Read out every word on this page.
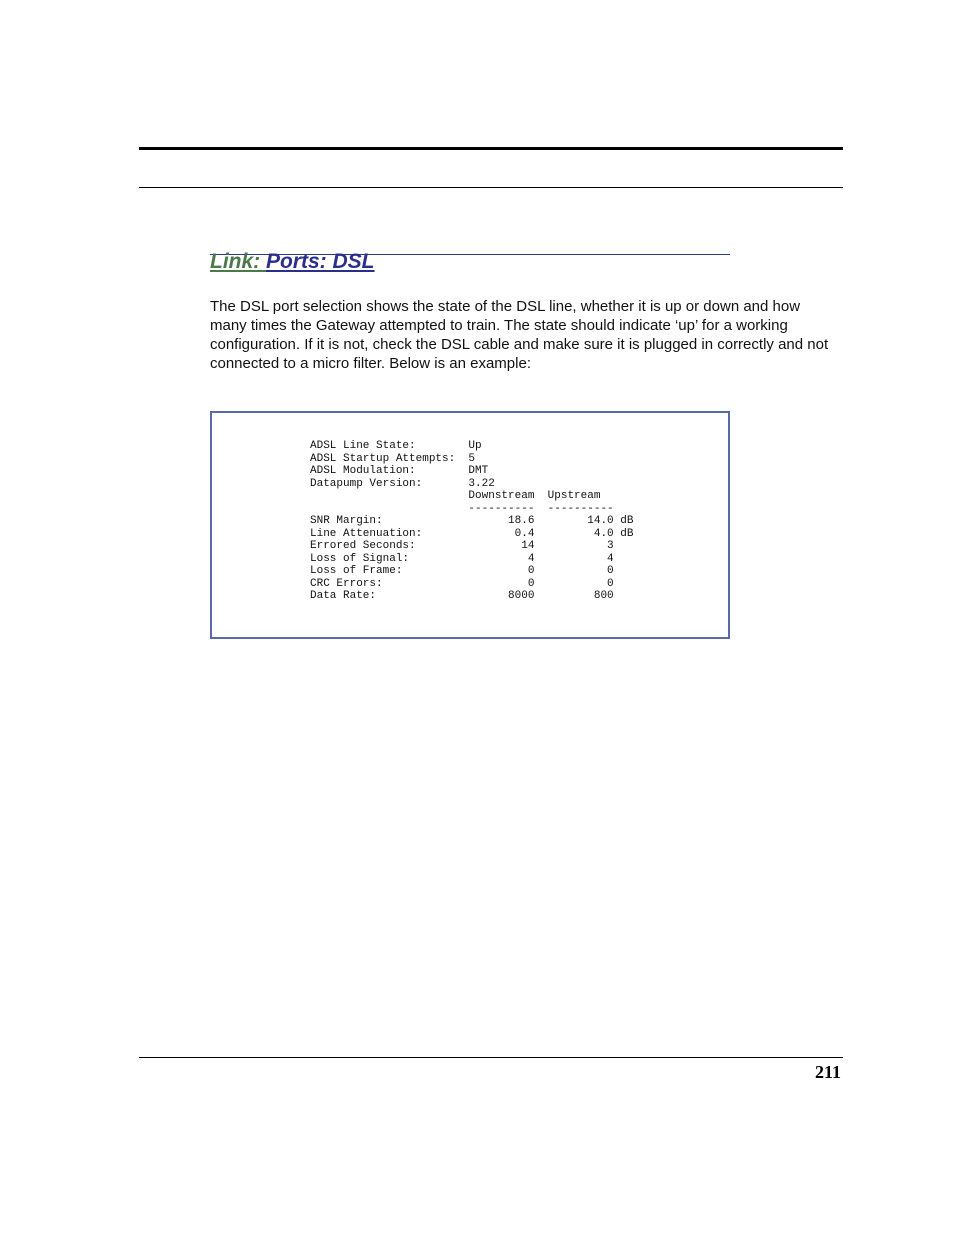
Link: Ports: DSL

The DSL port selection shows the state of the DSL line, whether it is up or down and how many times the Gateway attempted to train. The state should indicate ‘up’ for a working configuration. If it is not, check the DSL cable and make sure it is plugged in correctly and not connected to a micro filter. Below is an example:

ADSL Line State:        Up
ADSL Startup Attempts:  5
ADSL Modulation:        DMT
Datapump Version:       3.22
Downstream  Upstream
----------  ----------
SNR Margin:                   18.6        14.0 dB
Line Attenuation:              0.4         4.0 dB
Errored Seconds:                14           3
Loss of Signal:                  4           4
Loss of Frame:                   0           0
CRC Errors:                      0           0
Data Rate:                    8000         800
211
